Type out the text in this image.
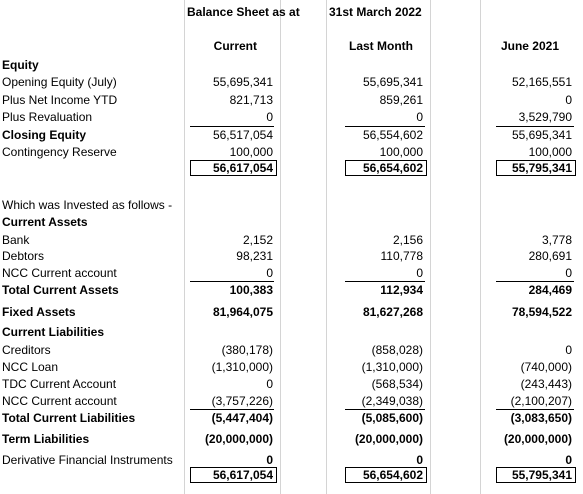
Balance Sheet as at 31st March 2022
Current	Last Month	June 2021
Equity
Opening Equity (July)	55,695,341	55,695,341	52,165,551
Plus Net Income YTD	821,713	859,261	0
Plus Revaluation	0	0	3,529,790
Closing Equity	56,517,054	56,554,602	55,695,341
Contingency Reserve	100,000	100,000	100,000
56,617,054	56,654,602	55,795,341
Which was Invested as follows -
Current Assets
Bank	2,152	2,156	3,778
Debtors	98,231	110,778	280,691
NCC Current account	0	0	0
Total Current Assets	100,383	112,934	284,469
Fixed Assets	81,964,075	81,627,268	78,594,522
Current Liabilities
Creditors	(380,178)	(858,028)	0
NCC Loan	(1,310,000)	(1,310,000)	(740,000)
TDC Current Account	0	(568,534)	(243,443)
NCC Current account	(3,757,226)	(2,349,038)	(2,100,207)
Total Current Liabilities	(5,447,404)	(5,085,600)	(3,083,650)
Term Liabilities	(20,000,000)	(20,000,000)	(20,000,000)
Derivative Financial Instruments	0	0	0
56,617,054	56,654,602	55,795,341
